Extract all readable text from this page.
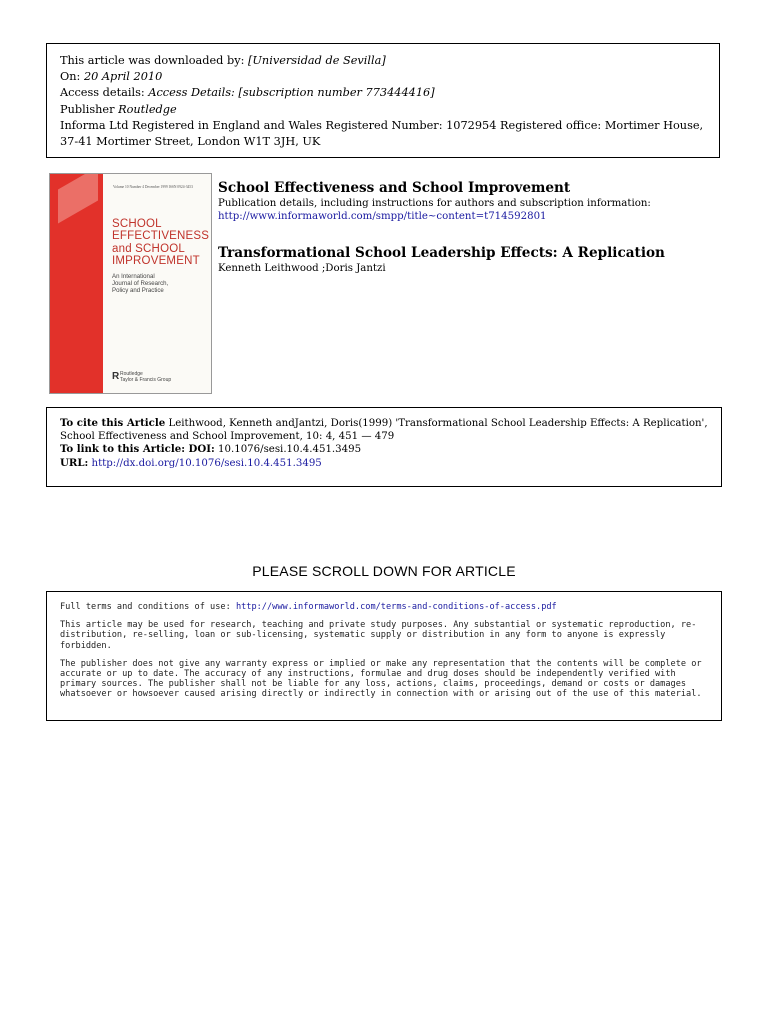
This article was downloaded by: [Universidad de Sevilla]
On: 20 April 2010
Access details: Access Details: [subscription number 773444416]
Publisher Routledge
Informa Ltd Registered in England and Wales Registered Number: 1072954 Registered office: Mortimer House, 37-41 Mortimer Street, London W1T 3JH, UK
Volume 10 Number 4 December 1999 ISSN 0924-3453
SCHOOL
EFFECTIVENESS
and SCHOOL
IMPROVEMENT
An International
Journal of Research,
Policy and Practice
R Routledge
Taylor & Francis Group
School Effectiveness and School Improvement
Publication details, including instructions for authors and subscription information:
http://www.informaworld.com/smpp/title~content=t714592801
Transformational School Leadership Effects: A Replication
Kenneth Leithwood ;Doris Jantzi
To cite this Article Leithwood, Kenneth andJantzi, Doris(1999) 'Transformational School Leadership Effects: A Replication', School Effectiveness and School Improvement, 10: 4, 451 — 479
To link to this Article: DOI: 10.1076/sesi.10.4.451.3495
URL: http://dx.doi.org/10.1076/sesi.10.4.451.3495
PLEASE SCROLL DOWN FOR ARTICLE

Full terms and conditions of use: http://www.informaworld.com/terms-and-conditions-of-access.pdf

This article may be used for research, teaching and private study purposes. Any substantial or systematic reproduction, re-distribution, re-selling, loan or sub-licensing, systematic supply or distribution in any form to anyone is expressly forbidden.

The publisher does not give any warranty express or implied or make any representation that the contents will be complete or accurate or up to date. The accuracy of any instructions, formulae and drug doses should be independently verified with primary sources. The publisher shall not be liable for any loss, actions, claims, proceedings, demand or costs or damages whatsoever or howsoever caused arising directly or indirectly in connection with or arising out of the use of this material.
